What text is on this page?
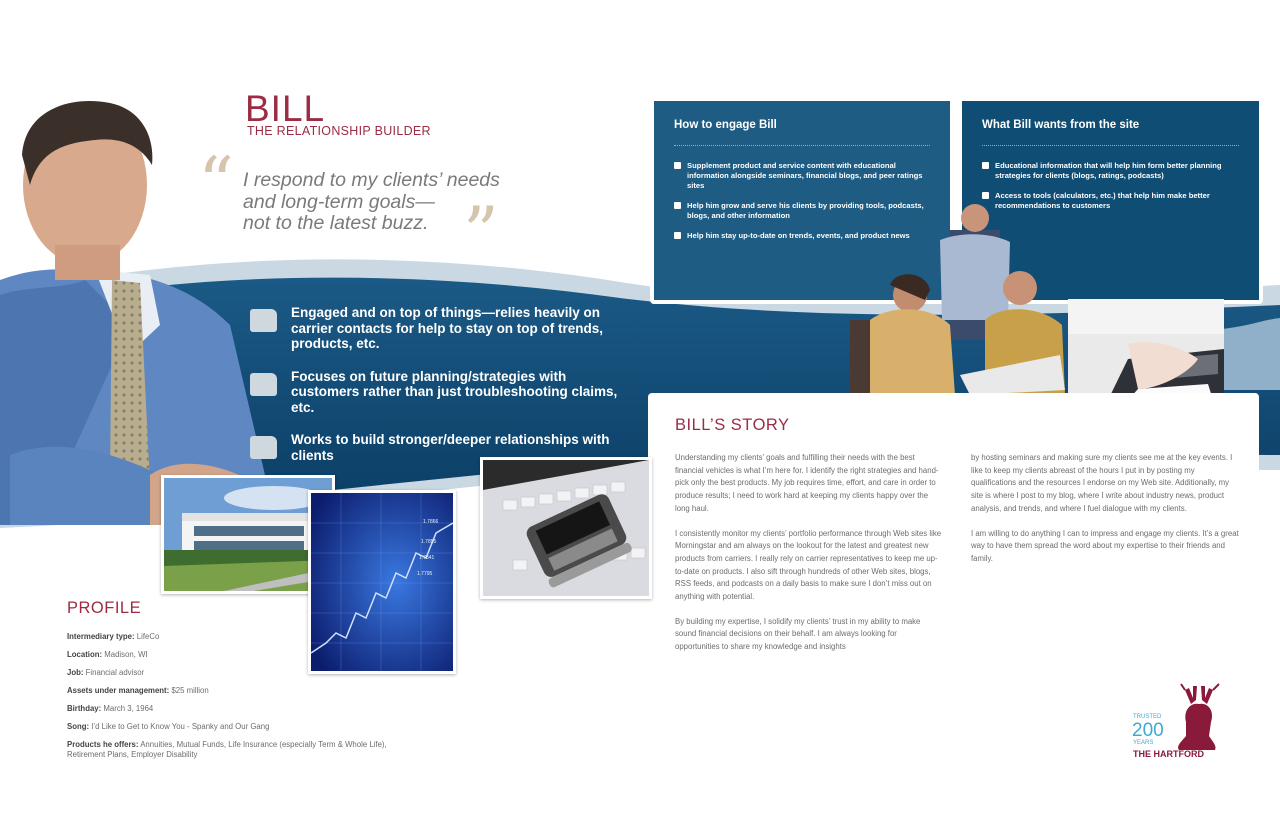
BILL
THE RELATIONSHIP BUILDER
“ I respond to my clients’ needs
and long-term goals—
not to the latest buzz. ”
Engaged and on top of things—relies heavily on carrier contacts for help to stay on top of trends, products, etc.
Focuses on future planning/strategies with customers rather than just troubleshooting claims, etc.
Works to build stronger/deeper relationships with clients
How to engage Bill
Supplement product and service content with educational information alongside seminars, financial blogs, and peer ratings sites
Help him grow and serve his clients by providing tools, podcasts, blogs, and other information
Help him stay up-to-date on trends, events, and product news
What Bill wants from the site
Educational information that will help him form better planning strategies for clients (blogs, ratings, podcasts)
Access to tools (calculators, etc.) that help him make better recommendations to customers
BILL’S STORY

Understanding my clients’ goals and fulfilling their needs with the best financial vehicles is what I’m here for. I identify the right strategies and hand-pick only the best products. My job requires time, effort, and care in order to produce results; I need to work hard at keeping my clients happy over the long haul.

I consistently monitor my clients’ portfolio performance through Web sites like Morningstar and am always on the lookout for the latest and greatest new products from carriers. I really rely on carrier representatives to keep me up-to-date on products. I also sift through hundreds of other Web sites, blogs, RSS feeds, and podcasts on a daily basis to make sure I don’t miss out on anything with potential.

By building my expertise, I solidify my clients’ trust in my ability to make sound financial decisions on their behalf. I am always looking for opportunities to share my knowledge and insights

by hosting seminars and making sure my clients see me at the key events. I like to keep my clients abreast of the hours I put in by posting my qualifications and the resources I endorse on my Web site. Additionally, my site is where I post to my blog, where I write about industry news, product analysis, and trends, and where I fuel dialogue with my clients.

I am willing to do anything I can to impress and engage my clients. It’s a great way to have them spread the word about my expertise to their friends and family.

1.7866
1.7855
1.7841
1.7795
PROFILE
Intermediary type: LifeCo
Location: Madison, WI
Job: Financial advisor
Assets under management: $25 million
Birthday: March 3, 1964
Song: I’d Like to Get to Know You - Spanky and Our Gang
Products he offers: Annuities, Mutual Funds, Life Insurance (especially Term & Whole Life), Retirement Plans, Employer Disability
TRUSTED
200
YEARS
THE HARTFORD
